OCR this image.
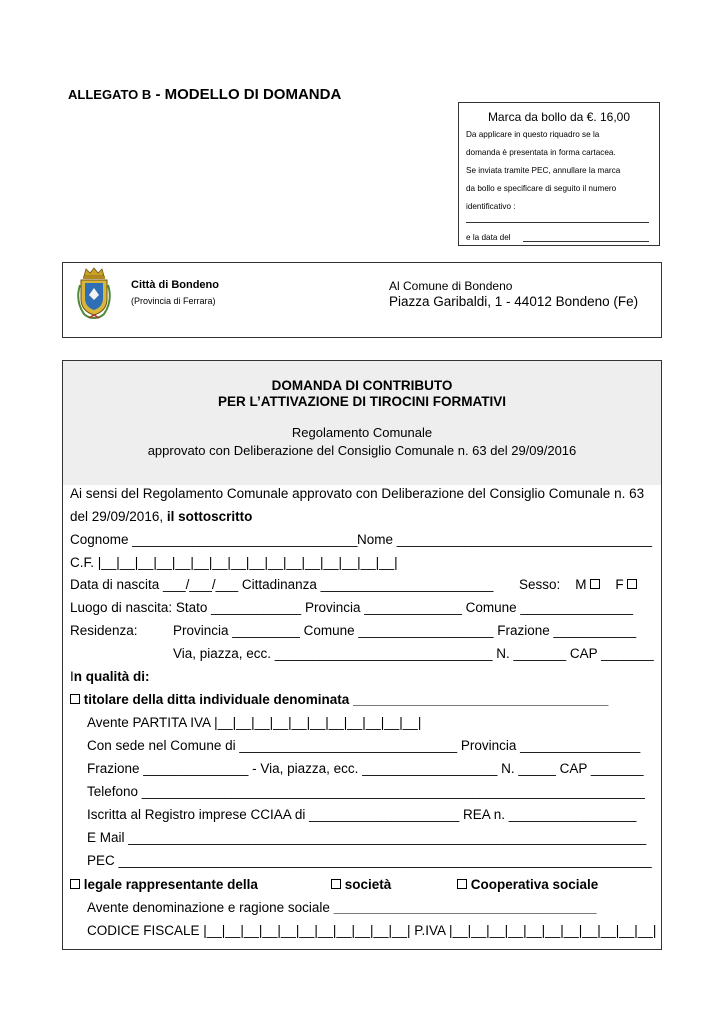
ALLEGATO B - MODELLO DI DOMANDA
Marca da bollo da €. 16,00
Da applicare in questo riquadro se la
domanda è presentata in forma cartacea.
Se inviata tramite PEC, annullare la marca
da bollo e specificare di seguito il numero
identificativo :
e la data del
Città di Bondeno
(Provincia di Ferrara)
Al Comune di Bondeno
Piazza Garibaldi, 1 - 44012 Bondeno (Fe)
DOMANDA DI CONTRIBUTO
PER L’ATTIVAZIONE DI TIROCINI FORMATIVI
Regolamento Comunale
approvato con Deliberazione del Consiglio Comunale n. 63 del 29/09/2016
Ai sensi del Regolamento Comunale approvato con Deliberazione del Consiglio Comunale n. 63
del 29/09/2016, il sottoscritto
Cognome ______________________________ Nome __________________________________
C.F. |__|__|__|__|__|__|__|__|__|__|__|__|__|__|__|__|
Data di nascita ___/___/___ Cittadinanza _______________________ Sesso: M F
Luogo di nascita: Stato ____________ Provincia _____________ Comune _______________
Residenza:	Provincia _________ Comune __________________ Frazione ___________
Via, piazza, ecc. _____________________________ N. _______ CAP _______
In qualità di:
titolare della ditta individuale denominata __________________________________
Avente PARTITA IVA |__|__|__|__|__|__|__|__|__|__|__|
Con sede nel Comune di _____________________________ Provincia ________________
Frazione ______________ - Via, piazza, ecc. __________________ N. _____ CAP _______
Telefono ___________________________________________________________________
Iscritta al Registro imprese CCIAA di ____________________ REA n. _________________
E Mail _____________________________________________________________________
PEC _______________________________________________________________________
legale rappresentante della	società	Cooperativa sociale
Avente denominazione e ragione sociale ___________________________________
CODICE FISCALE |__|__|__|__|__|__|__|__|__|__|__| P.IVA |__|__|__|__|__|__|__|__|__|__|__|
